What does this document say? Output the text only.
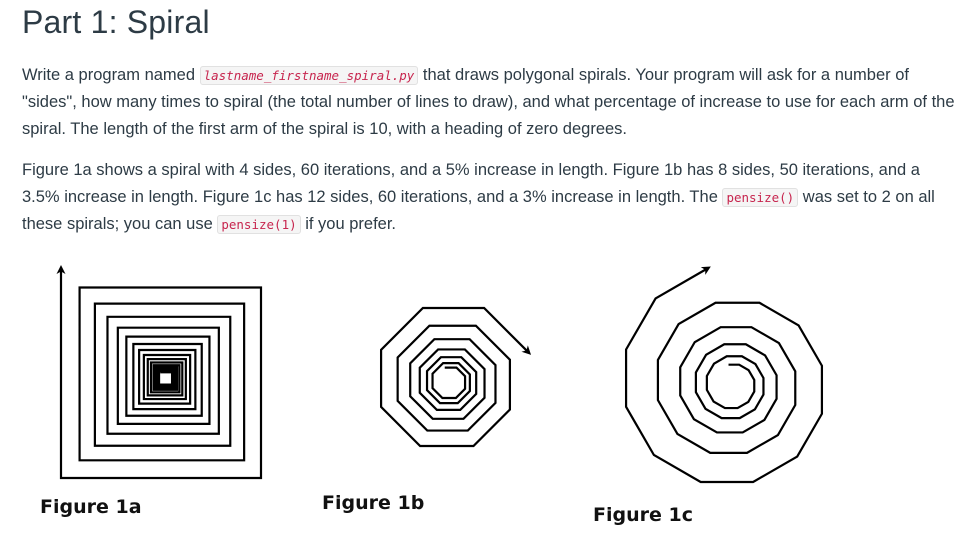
Part 1: Spiral

Write a program named lastname_firstname_spiral.py that draws polygonal spirals. Your program will ask for a number of "sides", how many times to spiral (the total number of lines to draw), and what percentage of increase to use for each arm of the spiral. The length of the first arm of the spiral is 10, with a heading of zero degrees.

Figure 1a shows a spiral with 4 sides, 60 iterations, and a 5% increase in length. Figure 1b has 8 sides, 50 iterations, and a 3.5% increase in length. Figure 1c has 12 sides, 60 iterations, and a 3% increase in length. The pensize() was set to 2 on all these spirals; you can use pensize(1) if you prefer.

Figure 1a	Figure 1b
Figure 1c
